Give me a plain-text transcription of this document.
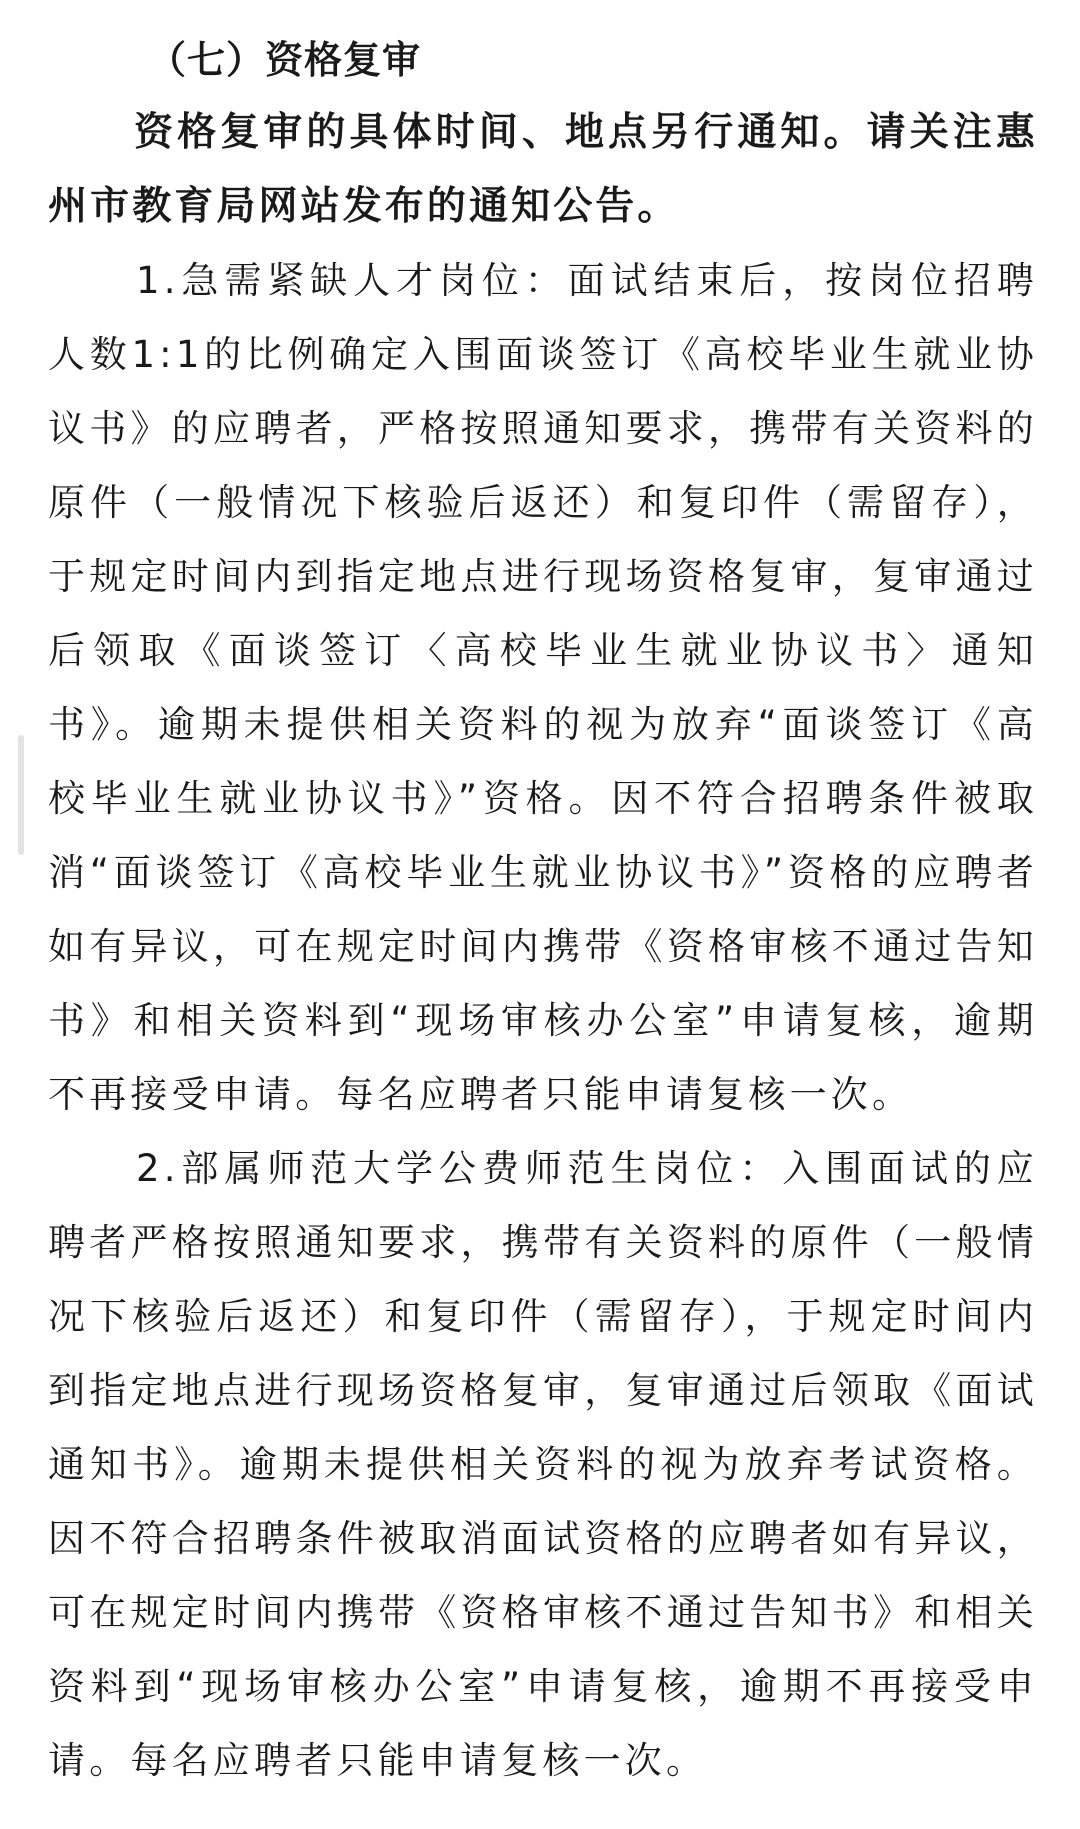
（七）资格复审

资格复审的具体时间、地点另行通知。请关注惠州市教育局网站发布的通知公告。

1.急需紧缺人才岗位：面试结束后，按岗位招聘人数1:1的比例确定入围面谈签订《高校毕业生就业协议书》的应聘者，严格按照通知要求，携带有关资料的原件（一般情况下核验后返还）和复印件（需留存），于规定时间内到指定地点进行现场资格复审，复审通过后领取《面谈签订〈高校毕业生就业协议书〉通知书》。逾期未提供相关资料的视为放弃“面谈签订《高校毕业生就业协议书》”资格。因不符合招聘条件被取消“面谈签订《高校毕业生就业协议书》”资格的应聘者如有异议，可在规定时间内携带《资格审核不通过告知书》和相关资料到“现场审核办公室”申请复核，逾期不再接受申请。每名应聘者只能申请复核一次。

2.部属师范大学公费师范生岗位：入围面试的应聘者严格按照通知要求，携带有关资料的原件（一般情况下核验后返还）和复印件（需留存），于规定时间内到指定地点进行现场资格复审，复审通过后领取《面试通知书》。逾期未提供相关资料的视为放弃考试资格。因不符合招聘条件被取消面试资格的应聘者如有异议，可在规定时间内携带《资格审核不通过告知书》和相关资料到“现场审核办公室”申请复核，逾期不再接受申请。每名应聘者只能申请复核一次。
